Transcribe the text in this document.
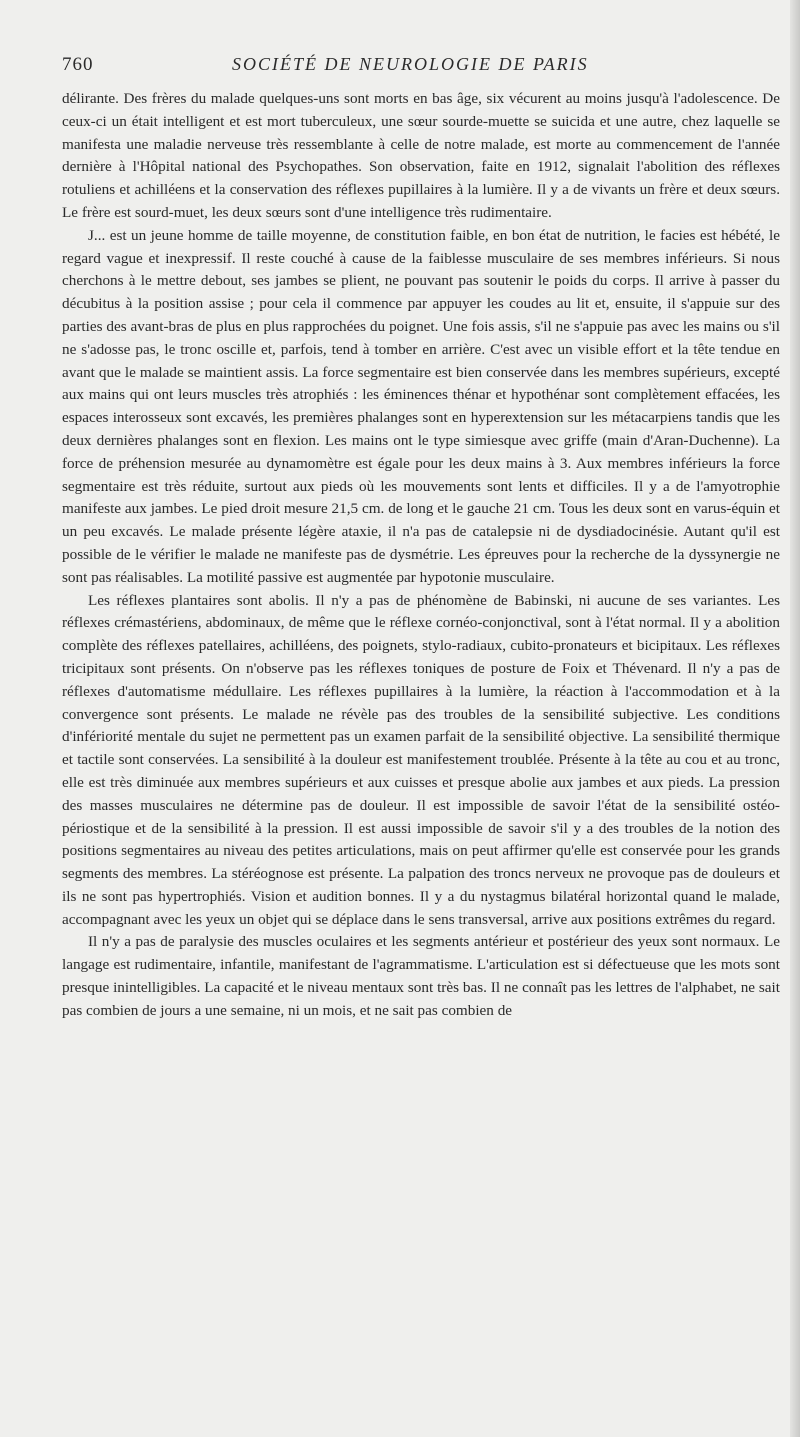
760	SOCIÉTÉ DE NEUROLOGIE DE PARIS

délirante. Des frères du malade quelques-uns sont morts en bas âge, six vécurent au moins jusqu'à l'adolescence. De ceux-ci un était intelligent et est mort tuberculeux, une sœur sourde-muette se suicida et une autre, chez laquelle se manifesta une maladie nerveuse très ressemblante à celle de notre malade, est morte au commencement de l'année dernière à l'Hôpital national des Psychopathes. Son observation, faite en 1912, signalait l'abolition des réflexes rotuliens et achilléens et la conservation des réflexes pupillaires à la lumière. Il y a de vivants un frère et deux sœurs. Le frère est sourd-muet, les deux sœurs sont d'une intelligence très rudimentaire.

J... est un jeune homme de taille moyenne, de constitution faible, en bon état de nutrition, le facies est hébété, le regard vague et inexpressif. Il reste couché à cause de la faiblesse musculaire de ses membres inférieurs. Si nous cherchons à le mettre debout, ses jambes se plient, ne pouvant pas soutenir le poids du corps. Il arrive à passer du décubitus à la position assise ; pour cela il commence par appuyer les coudes au lit et, ensuite, il s'appuie sur des parties des avant-bras de plus en plus rapprochées du poignet. Une fois assis, s'il ne s'appuie pas avec les mains ou s'il ne s'adosse pas, le tronc oscille et, parfois, tend à tomber en arrière. C'est avec un visible effort et la tête tendue en avant que le malade se maintient assis. La force segmentaire est bien conservée dans les membres supérieurs, excepté aux mains qui ont leurs muscles très atrophiés : les éminences thénar et hypothénar sont complètement effacées, les espaces interosseux sont excavés, les premières phalanges sont en hyperextension sur les métacarpiens tandis que les deux dernières phalanges sont en flexion. Les mains ont le type simiesque avec griffe (main d'Aran-Duchenne). La force de préhension mesurée au dynamomètre est égale pour les deux mains à 3. Aux membres inférieurs la force segmentaire est très réduite, surtout aux pieds où les mouvements sont lents et difficiles. Il y a de l'amyotrophie manifeste aux jambes. Le pied droit mesure 21,5 cm. de long et le gauche 21 cm. Tous les deux sont en varus-équin et un peu excavés. Le malade présente légère ataxie, il n'a pas de catalepsie ni de dysdiadocinésie. Autant qu'il est possible de le vérifier le malade ne manifeste pas de dysmétrie. Les épreuves pour la recherche de la dyssynergie ne sont pas réalisables. La motilité passive est augmentée par hypotonie musculaire.

Les réflexes plantaires sont abolis. Il n'y a pas de phénomène de Babinski, ni aucune de ses variantes. Les réflexes crémastériens, abdominaux, de même que le réflexe cornéo-conjonctival, sont à l'état normal. Il y a abolition complète des réflexes patellaires, achilléens, des poignets, stylo-radiaux, cubito-pronateurs et bicipitaux. Les réflexes tricipitaux sont présents. On n'observe pas les réflexes toniques de posture de Foix et Thévenard. Il n'y a pas de réflexes d'automatisme médullaire. Les réflexes pupillaires à la lumière, la réaction à l'accommodation et à la convergence sont présents. Le malade ne révèle pas des troubles de la sensibilité subjective. Les conditions d'infériorité mentale du sujet ne permettent pas un examen parfait de la sensibilité objective. La sensibilité thermique et tactile sont conservées. La sensibilité à la douleur est manifestement troublée. Présente à la tête au cou et au tronc, elle est très diminuée aux membres supérieurs et aux cuisses et presque abolie aux jambes et aux pieds. La pression des masses musculaires ne détermine pas de douleur. Il est impossible de savoir l'état de la sensibilité ostéo-périostique et de la sensibilité à la pression. Il est aussi impossible de savoir s'il y a des troubles de la notion des positions segmentaires au niveau des petites articulations, mais on peut affirmer qu'elle est conservée pour les grands segments des membres. La stéréognose est présente. La palpation des troncs nerveux ne provoque pas de douleurs et ils ne sont pas hypertrophiés. Vision et audition bonnes. Il y a du nystagmus bilatéral horizontal quand le malade, accompagnant avec les yeux un objet qui se déplace dans le sens transversal, arrive aux positions extrêmes du regard.

Il n'y a pas de paralysie des muscles oculaires et les segments antérieur et postérieur des yeux sont normaux. Le langage est rudimentaire, infantile, manifestant de l'agrammatisme. L'articulation est si défectueuse que les mots sont presque inintelligibles. La capacité et le niveau mentaux sont très bas. Il ne connaît pas les lettres de l'alphabet, ne sait pas combien de jours a une semaine, ni un mois, et ne sait pas combien de
